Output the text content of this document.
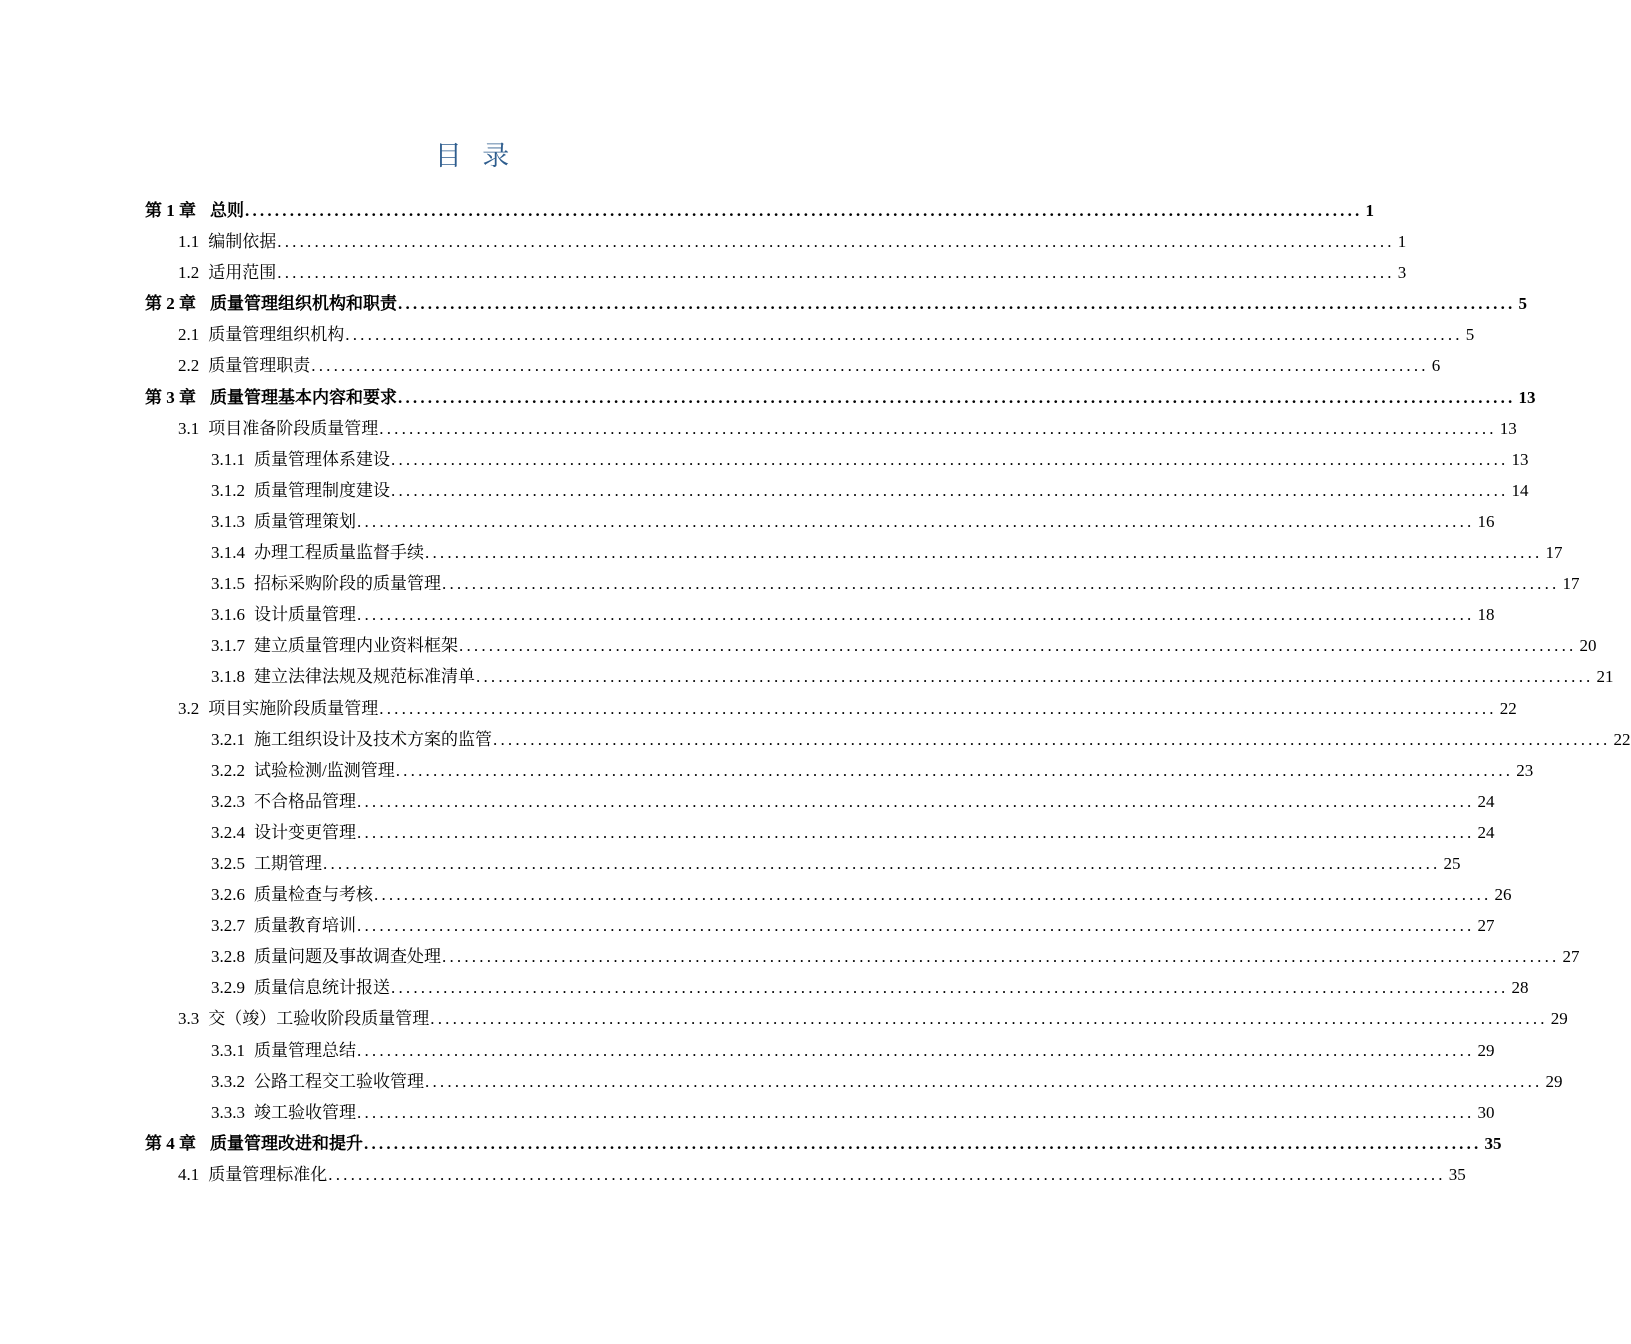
目 录
第 1 章 总则 ...................................................................................................................................................... 1
1.1 编制依据 ...................................................................................................................................................... 1
1.2 适用范围 ...................................................................................................................................................... 3
第 2 章 质量管理组织机构和职责 ...................................................................................................................................................... 5
2.1 质量管理组织机构 ...................................................................................................................................................... 5
2.2 质量管理职责 ...................................................................................................................................................... 6
第 3 章 质量管理基本内容和要求 ...................................................................................................................................................... 13
3.1 项目准备阶段质量管理 ...................................................................................................................................................... 13
3.1.1 质量管理体系建设 ...................................................................................................................................................... 13
3.1.2 质量管理制度建设 ...................................................................................................................................................... 14
3.1.3 质量管理策划 ...................................................................................................................................................... 16
3.1.4 办理工程质量监督手续 ...................................................................................................................................................... 17
3.1.5 招标采购阶段的质量管理 ...................................................................................................................................................... 17
3.1.6 设计质量管理 ...................................................................................................................................................... 18
3.1.7 建立质量管理内业资料框架 ...................................................................................................................................................... 20
3.1.8 建立法律法规及规范标准清单 ...................................................................................................................................................... 21
3.2 项目实施阶段质量管理 ...................................................................................................................................................... 22
3.2.1 施工组织设计及技术方案的监管 ...................................................................................................................................................... 22
3.2.2 试验检测/监测管理 ...................................................................................................................................................... 23
3.2.3 不合格品管理 ...................................................................................................................................................... 24
3.2.4 设计变更管理 ...................................................................................................................................................... 24
3.2.5 工期管理 ...................................................................................................................................................... 25
3.2.6 质量检查与考核 ...................................................................................................................................................... 26
3.2.7 质量教育培训 ...................................................................................................................................................... 27
3.2.8 质量问题及事故调查处理 ...................................................................................................................................................... 27
3.2.9 质量信息统计报送 ...................................................................................................................................................... 28
3.3 交（竣）工验收阶段质量管理 ...................................................................................................................................................... 29
3.3.1 质量管理总结 ...................................................................................................................................................... 29
3.3.2 公路工程交工验收管理 ...................................................................................................................................................... 29
3.3.3 竣工验收管理 ...................................................................................................................................................... 30
第 4 章 质量管理改进和提升 ...................................................................................................................................................... 35
4.1 质量管理标准化 ...................................................................................................................................................... 35
